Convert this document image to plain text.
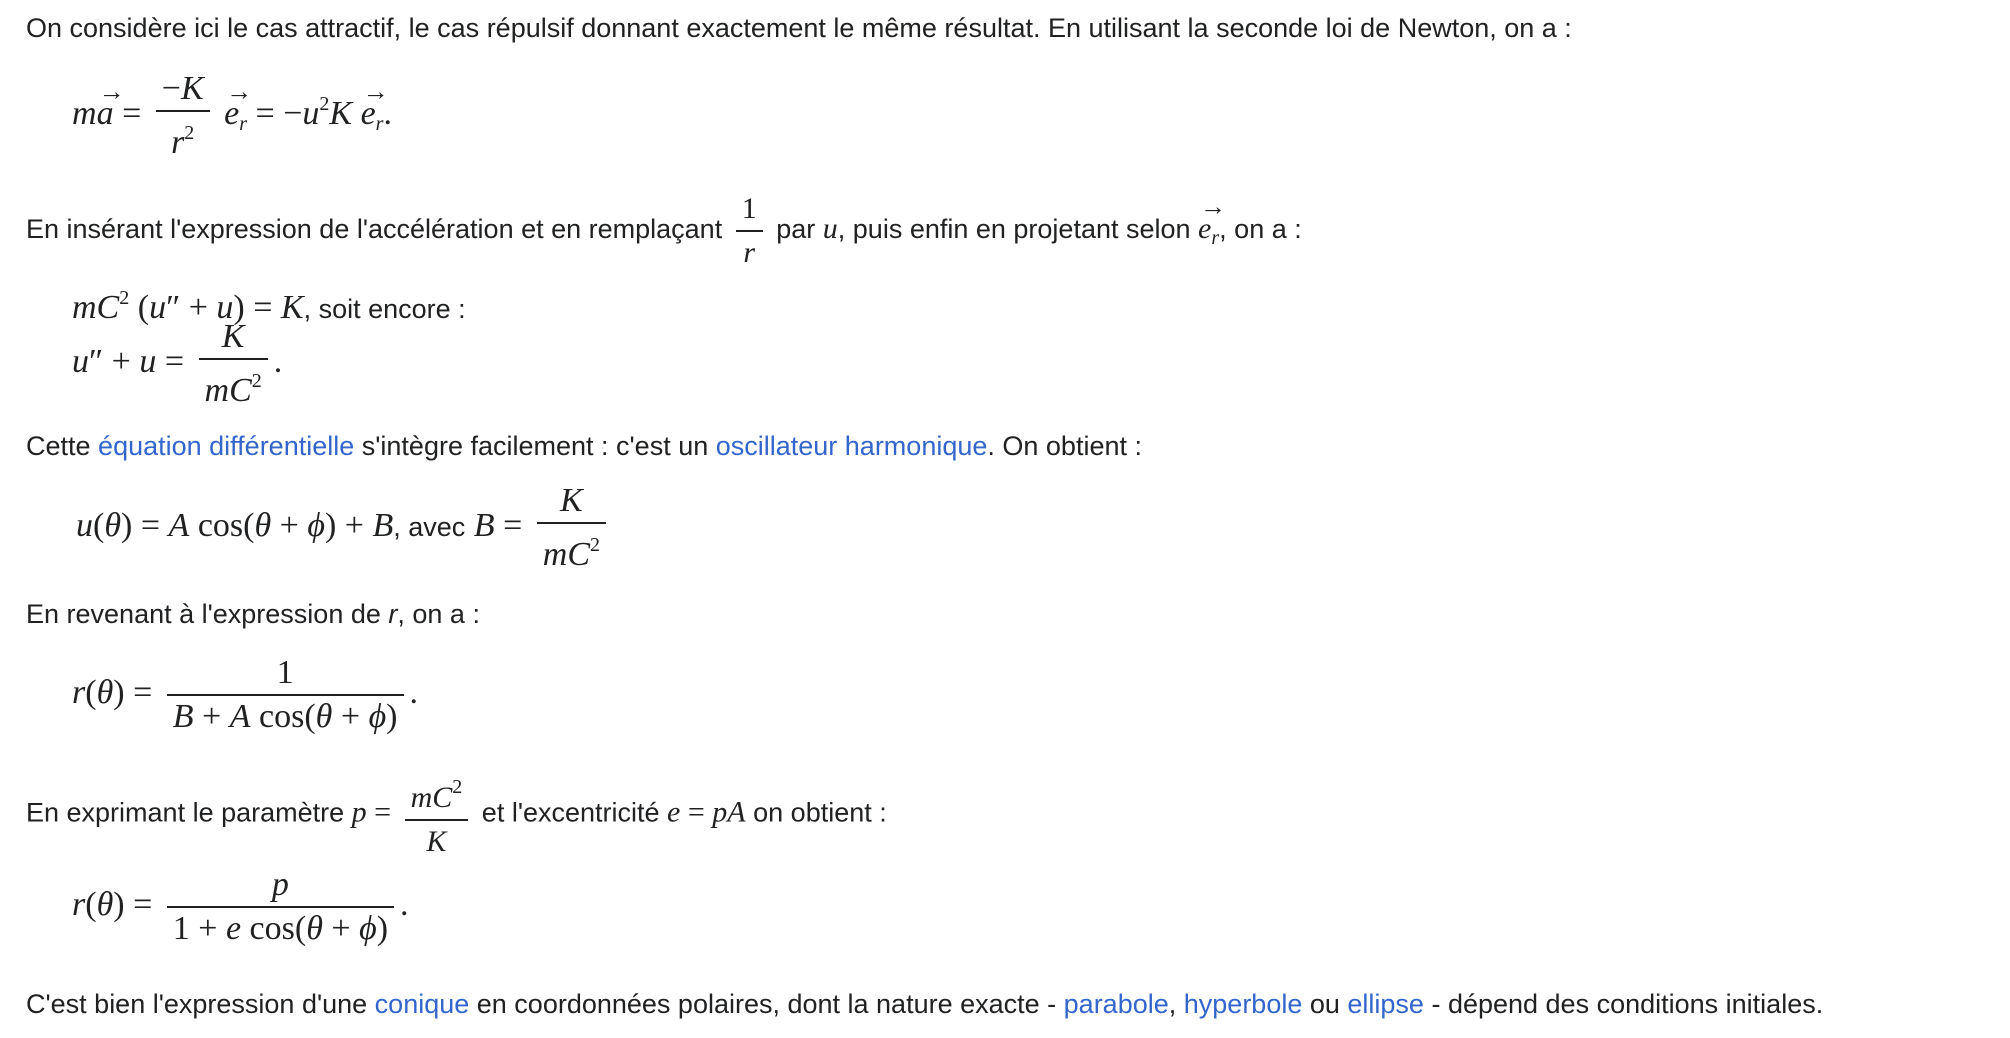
On considère ici le cas attractif, le cas répulsif donnant exactement le même résultat. En utilisant la seconde loi de Newton, on a :
$m\to a = \frac{-K}{r^2}$
→ $e_r = -u^2K \to e_r$.
En insérant l'expression de l'accélération et en remplaçant $\frac{1}{r}$ par u, puis enfin en projetant selon → $e_r$, on a :
$mC^2$ (u″ + u) = K, soit encore :
$u'' + u = \frac{K}{mC^2}$ .
Cette équation différentielle s'intègre facilement : c'est un oscillateur harmonique. On obtient :
u(θ) = A cos(θ + ϕ) + B, avec $B = \frac{K}{mC^2}$
En revenant à l'expression de r, on a :
$r(\theta) = \frac{1}{\text{B + A cos(θ + ϕ)}}$ .
En exprimant le paramètre $p = \frac{mC^2}{K}$ et l'excentricité e = pA on obtient :
$r(\theta) = \frac{p}{\text{1 + e cos(θ + ϕ)}}$ .
C'est bien l'expression d'une conique en coordonnées polaires, dont la nature exacte - parabole, hyperbole ou ellipse - dépend des conditions initiales.
